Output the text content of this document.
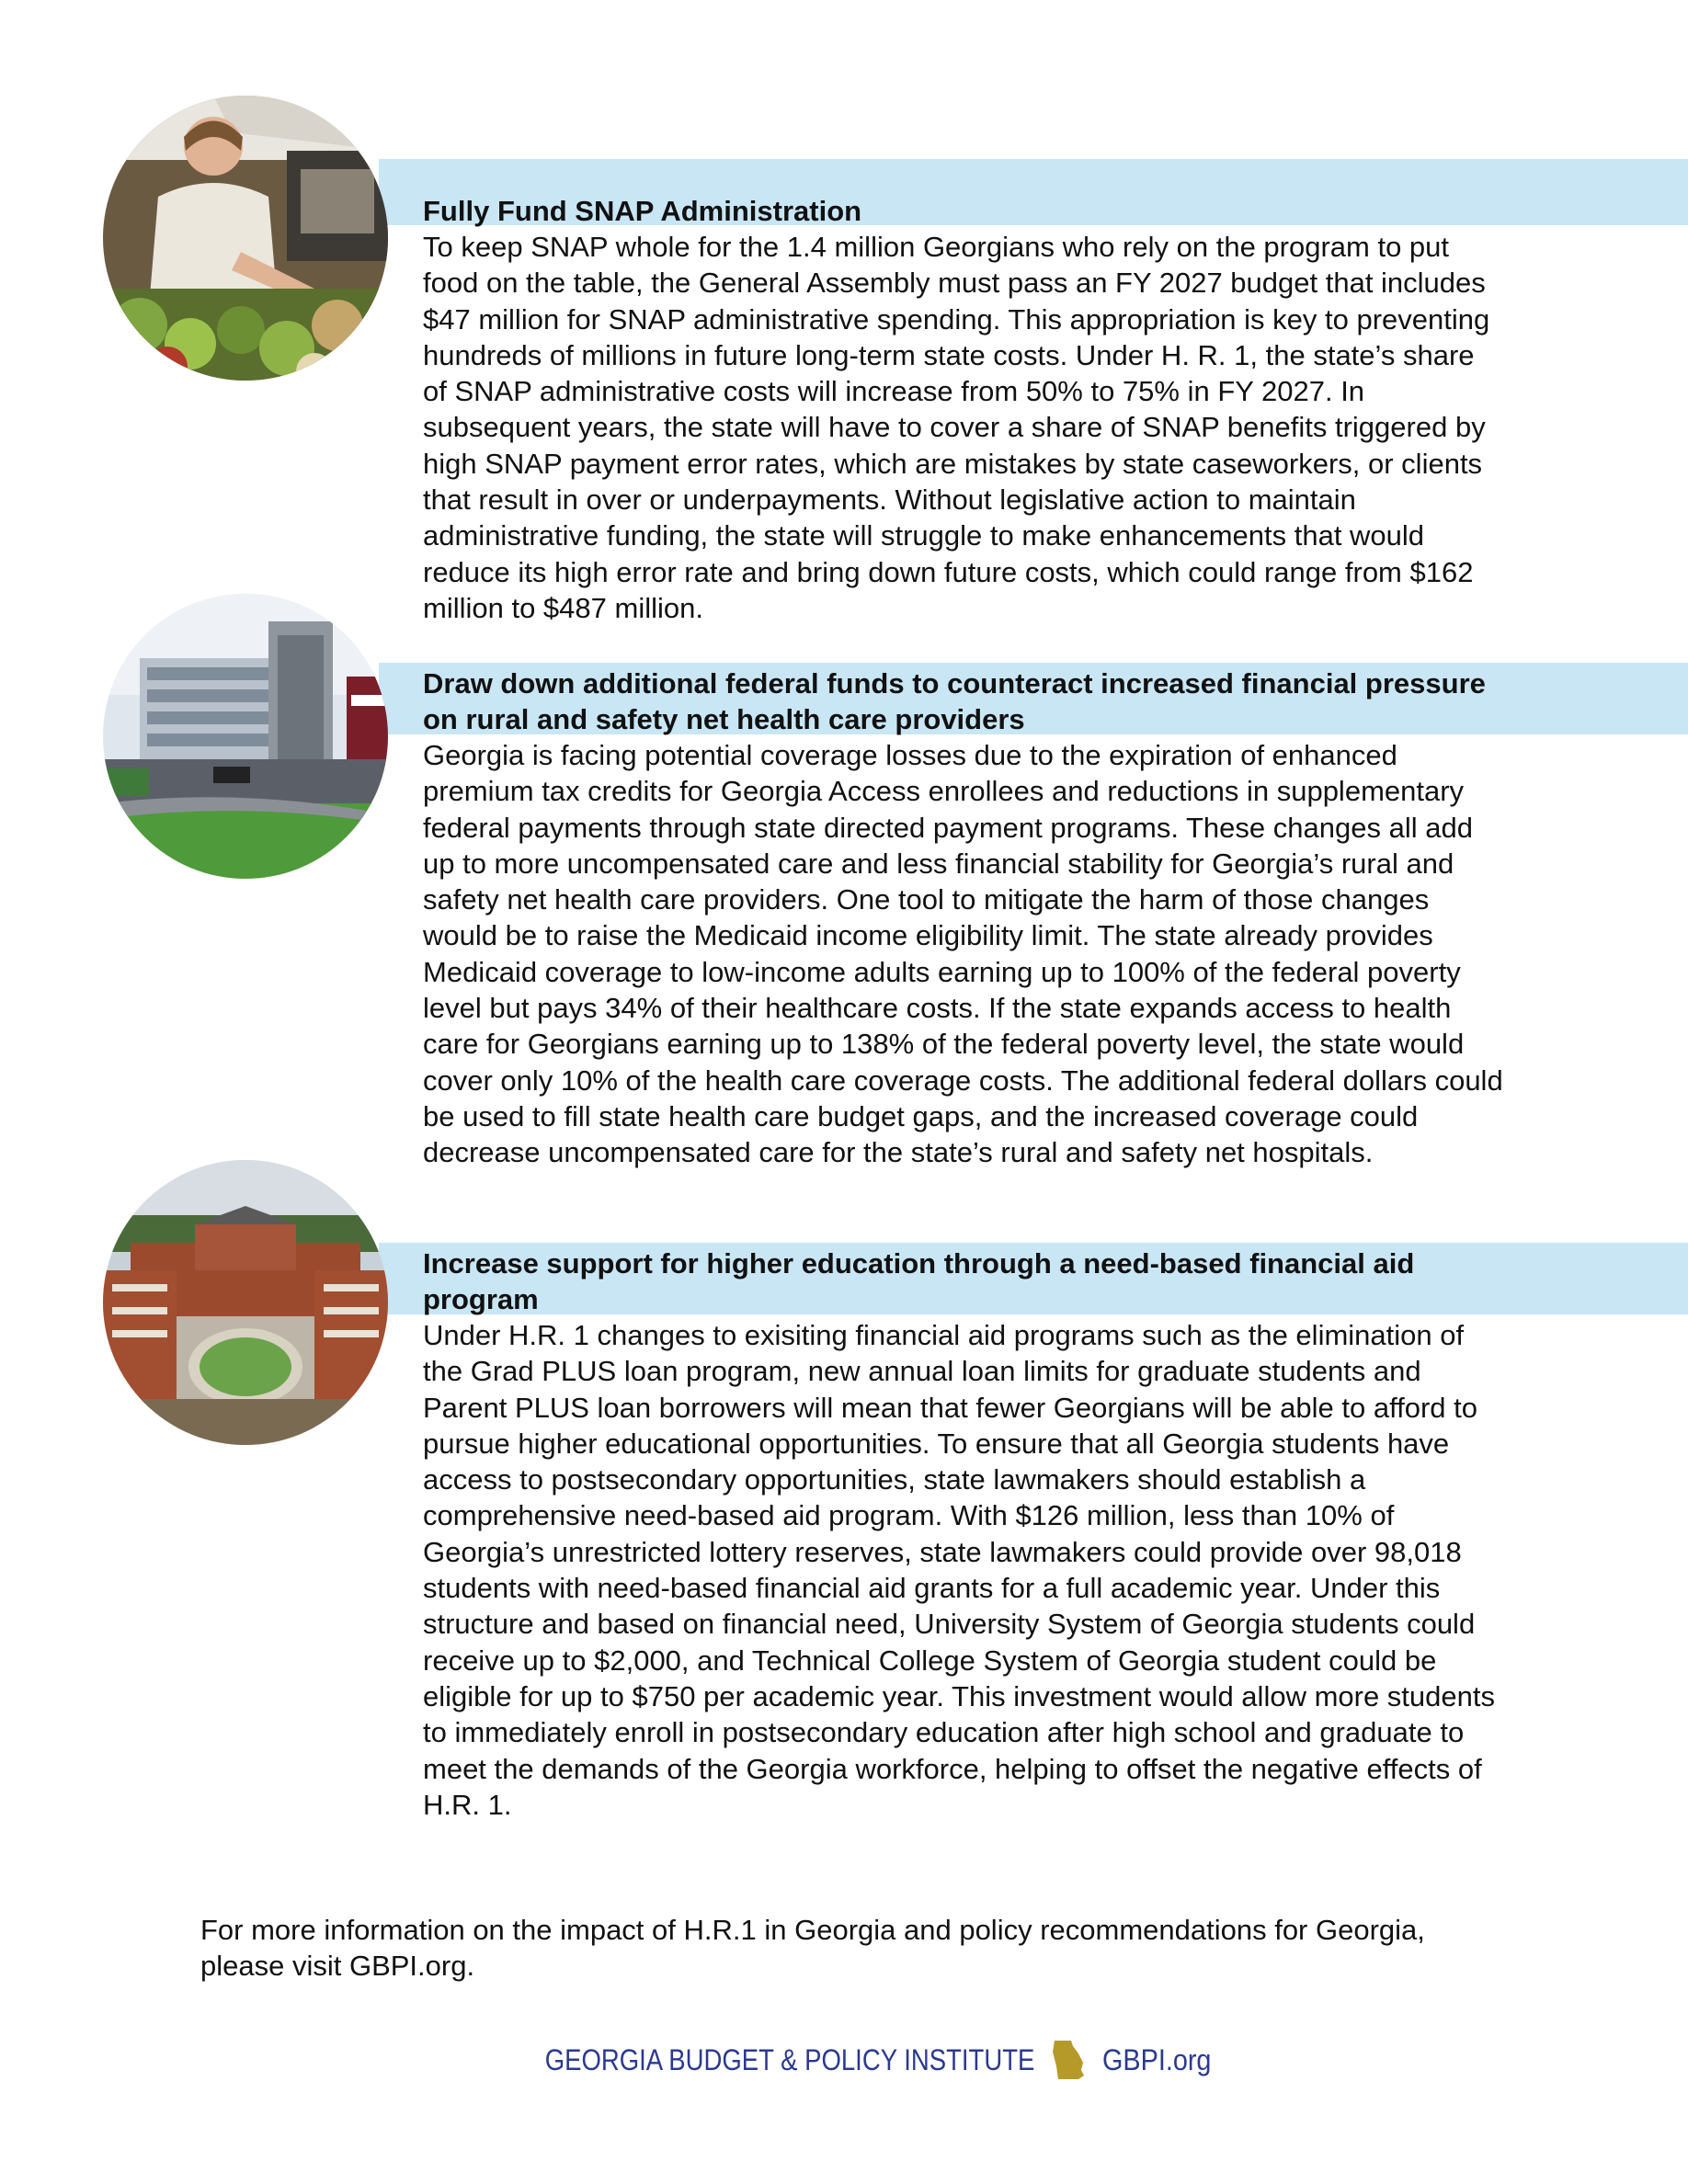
Fully Fund SNAP Administration

To keep SNAP whole for the 1.4 million Georgians who rely on the program to put food on the table, the General Assembly must pass an FY 2027 budget that includes $47 million for SNAP administrative spending. This appropriation is key to preventing hundreds of millions in future long-term state costs. Under H. R. 1, the state’s share of SNAP administrative costs will increase from 50% to 75% in FY 2027. In subsequent years, the state will have to cover a share of SNAP benefits triggered by high SNAP payment error rates, which are mistakes by state caseworkers, or clients that result in over or underpayments. Without legislative action to maintain administrative funding, the state will struggle to make enhancements that would reduce its high error rate and bring down future costs, which could range from $162 million to $487 million.

Draw down additional federal funds to counteract increased financial pressure on rural and safety net health care providers

Georgia is facing potential coverage losses due to the expiration of enhanced premium tax credits for Georgia Access enrollees and reductions in supplementary federal payments through state directed payment programs. These changes all add up to more uncompensated care and less financial stability for Georgia’s rural and safety net health care providers. One tool to mitigate the harm of those changes would be to raise the Medicaid income eligibility limit. The state already provides Medicaid coverage to low-income adults earning up to 100% of the federal poverty level but pays 34% of their healthcare costs. If the state expands access to health care for Georgians earning up to 138% of the federal poverty level, the state would cover only 10% of the health care coverage costs. The additional federal dollars could be used to fill state health care budget gaps, and the increased coverage could decrease uncompensated care for the state’s rural and safety net hospitals.

Increase support for higher education through a need-based financial aid program

Under H.R. 1 changes to exisiting financial aid programs such as the elimination of the Grad PLUS loan program, new annual loan limits for graduate students and Parent PLUS loan borrowers will mean that fewer Georgians will be able to afford to pursue higher educational opportunities. To ensure that all Georgia students have access to postsecondary opportunities, state lawmakers should establish a comprehensive need-based aid program. With $126 million, less than 10% of Georgia’s unrestricted lottery reserves, state lawmakers could provide over 98,018 students with need-based financial aid grants for a full academic year. Under this structure and based on financial need, University System of Georgia students could receive up to $2,000, and Technical College System of Georgia student could be eligible for up to $750 per academic year. This investment would allow more students to immediately enroll in postsecondary education after high school and graduate to meet the demands of the Georgia workforce, helping to offset the negative effects of H.R. 1.

For more information on the impact of H.R.1 in Georgia and policy recommendations for Georgia, please visit GBPI.org.

GEORGIA BUDGET & POLICY INSTITUTE GBPI.org
